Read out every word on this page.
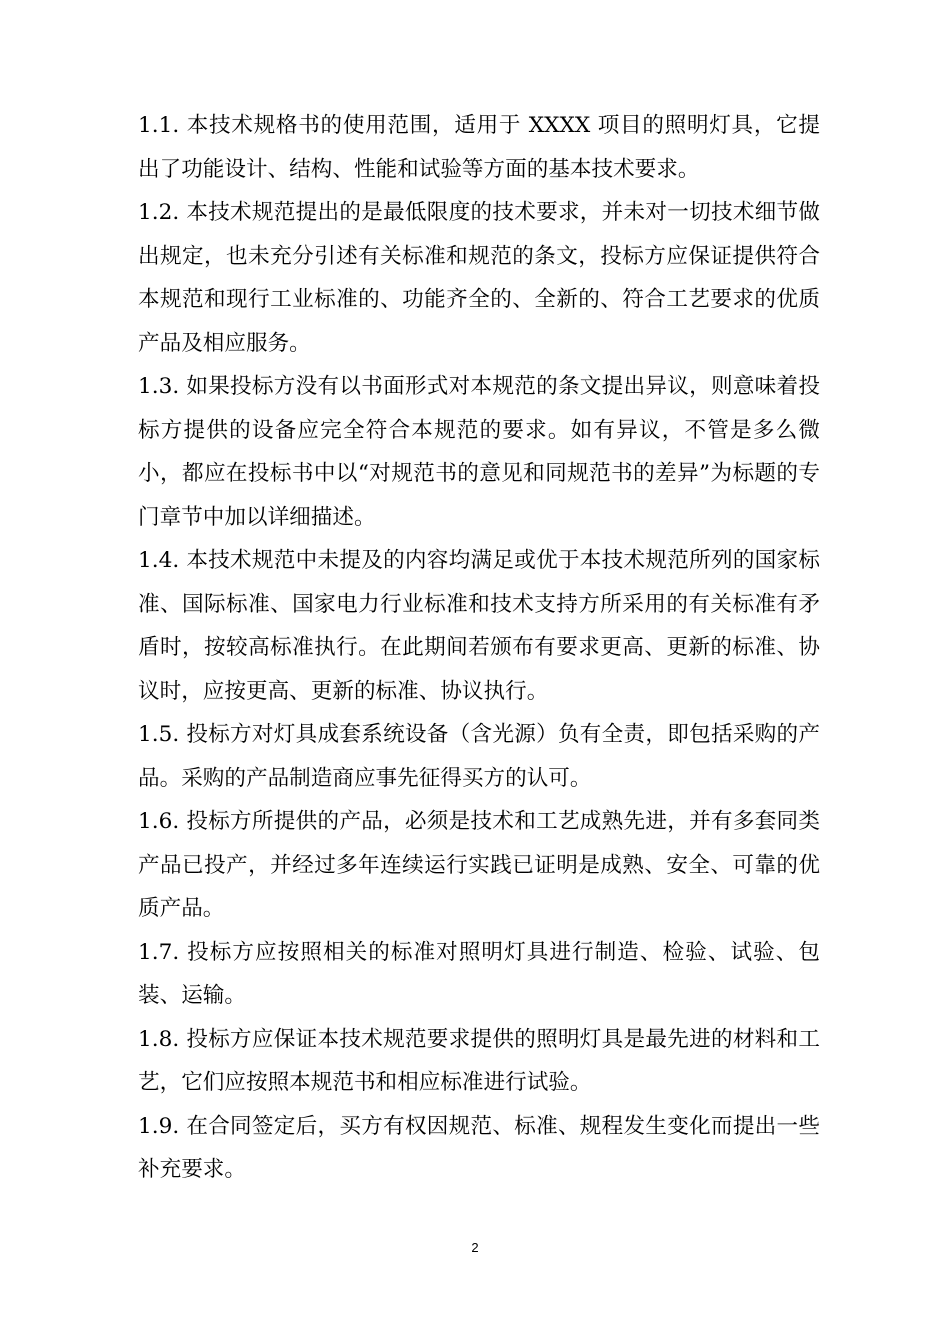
1.1. 本技术规格书的使用范围，适用于 XXXX 项目的照明灯具，它提出了功能设计、结构、性能和试验等方面的基本技术要求。

1.2. 本技术规范提出的是最低限度的技术要求，并未对一切技术细节做出规定，也未充分引述有关标准和规范的条文，投标方应保证提供符合本规范和现行工业标准的、功能齐全的、全新的、符合工艺要求的优质产品及相应服务。

1.3. 如果投标方没有以书面形式对本规范的条文提出异议，则意味着投标方提供的设备应完全符合本规范的要求。如有异议，不管是多么微小，都应在投标书中以“对规范书的意见和同规范书的差异”为标题的专门章节中加以详细描述。

1.4. 本技术规范中未提及的内容均满足或优于本技术规范所列的国家标准、国际标准、国家电力行业标准和技术支持方所采用的有关标准有矛盾时，按较高标准执行。在此期间若颁布有要求更高、更新的标准、协议时，应按更高、更新的标准、协议执行。

1.5. 投标方对灯具成套系统设备（含光源）负有全责，即包括采购的产品。采购的产品制造商应事先征得买方的认可。

1.6. 投标方所提供的产品，必须是技术和工艺成熟先进，并有多套同类产品已投产，并经过多年连续运行实践已证明是成熟、安全、可靠的优质产品。

1.7. 投标方应按照相关的标准对照明灯具进行制造、检验、试验、包装、运输。

1.8. 投标方应保证本技术规范要求提供的照明灯具是最先进的材料和工艺，它们应按照本规范书和相应标准进行试验。

1.9. 在合同签定后，买方有权因规范、标准、规程发生变化而提出一些补充要求。

2
